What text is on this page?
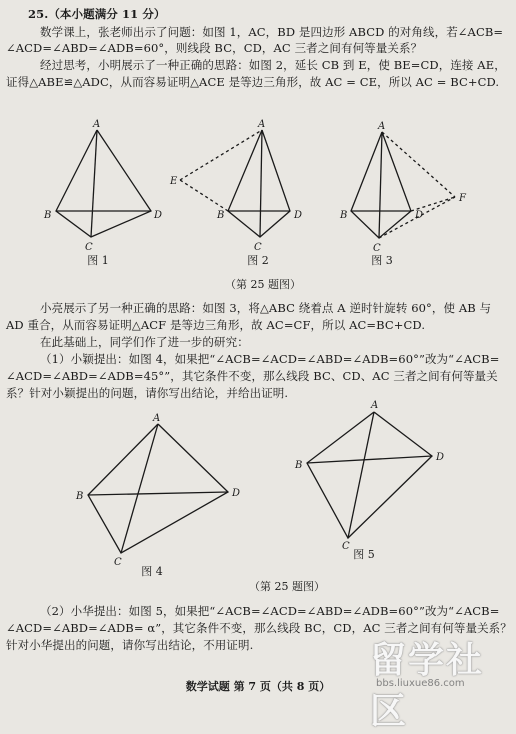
25.（本小题满分 11 分）
数学课上，张老师出示了问题：如图 1，AC，BD 是四边形 ABCD 的对角线，若∠ACB=
∠ACD=∠ABD=∠ADB=60°，则线段 BC，CD，AC 三者之间有何等量关系？
经过思考，小明展示了一种正确的思路：如图 2，延长 CB 到 E，使 BE=CD，连接 AE，
证得△ABE≌△ADC，从而容易证明△ACE 是等边三角形，故 AC = CE，所以 AC = BC+CD.
A
B
C
D
A
B
C
D
E
A
B
C
D
F
A
B
C
D
A
B
C
D
图 1	图 2	图 3
（第 25 题图）
小亮展示了另一种正确的思路：如图 3，将△ABC 绕着点 A 逆时针旋转 60°，使 AB 与
AD 重合，从而容易证明△ACF 是等边三角形，故 AC=CF，所以 AC=BC+CD.
在此基础上，同学们作了进一步的研究：
（1）小颖提出：如图 4，如果把“∠ACB=∠ACD=∠ABD=∠ADB=60°”改为“∠ACB=
∠ACD=∠ABD=∠ADB=45°”，其它条件不变，那么线段 BC、CD、AC 三者之间有何等量关
系？针对小颖提出的问题，请你写出结论，并给出证明.
图 4
图 5
（第 25 题图）
（2）小华提出：如图 5，如果把“∠ACB=∠ACD=∠ABD=∠ADB=60°”改为“∠ACB=
∠ACD=∠ABD=∠ADB= α”，其它条件不变，那么线段 BC，CD，AC 三者之间有何等量关系？
针对小华提出的问题，请你写出结论，不用证明.
数学试题 第 7 页（共 8 页）
留学社区
bbs.liuxue86.com
